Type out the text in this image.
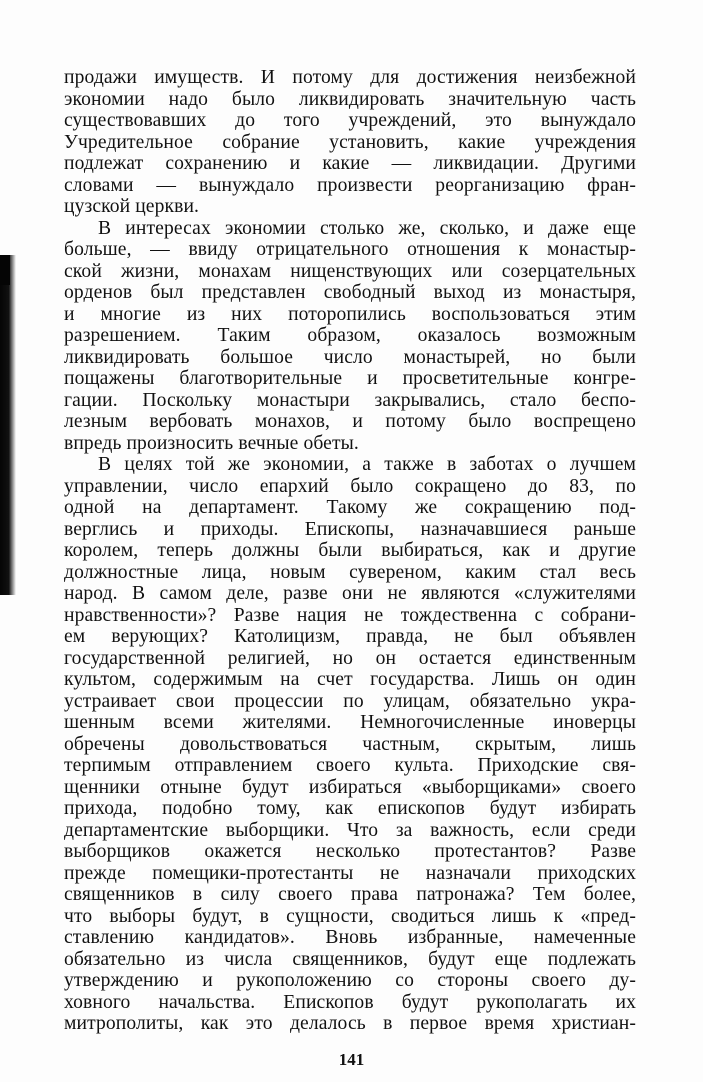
продажи имуществ. И потому для достижения неизбежной
экономии надо было ликвидировать значительную часть
существовавших до того учреждений, это вынуждало
Учредительное собрание установить, какие учреждения
подлежат сохранению и какие — ликвидации. Другими
словами — вынуждало произвести реорганизацию фран-
цузской церкви.
В интересах экономии столько же, сколько, и даже еще
больше, — ввиду отрицательного отношения к монастыр-
ской жизни, монахам нищенствующих или созерцательных
орденов был представлен свободный выход из монастыря,
и многие из них поторопились воспользоваться этим
разрешением. Таким образом, оказалось возможным
ликвидировать большое число монастырей, но были
пощажены благотворительные и просветительные конгре-
гации. Поскольку монастыри закрывались, стало беспо-
лезным вербовать монахов, и потому было воспрещено
впредь произносить вечные обеты.
В целях той же экономии, а также в заботах о лучшем
управлении, число епархий было сокращено до 83, по
одной на департамент. Такому же сокращению под-
верглись и приходы. Епископы, назначавшиеся раньше
королем, теперь должны были выбираться, как и другие
должностные лица, новым сувереном, каким стал весь
народ. В самом деле, разве они не являются «служителями
нравственности»? Разве нация не тождественна с собрани-
ем верующих? Католицизм, правда, не был объявлен
государственной религией, но он остается единственным
культом, содержимым на счет государства. Лишь он один
устраивает свои процессии по улицам, обязательно укра-
шенным всеми жителями. Немногочисленные иноверцы
обречены довольствоваться частным, скрытым, лишь
терпимым отправлением своего культа. Приходские свя-
щенники отныне будут избираться «выборщиками» своего
прихода, подобно тому, как епископов будут избирать
департаментские выборщики. Что за важность, если среди
выборщиков окажется несколько протестантов? Разве
прежде помещики-протестанты не назначали приходских
священников в силу своего права патронажа? Тем более,
что выборы будут, в сущности, сводиться лишь к «пред-
ставлению кандидатов». Вновь избранные, намеченные
обязательно из числа священников, будут еще подлежать
утверждению и рукоположению со стороны своего ду-
ховного начальства. Епископов будут рукополагать их
митрополиты, как это делалось в первое время христиан-
141
